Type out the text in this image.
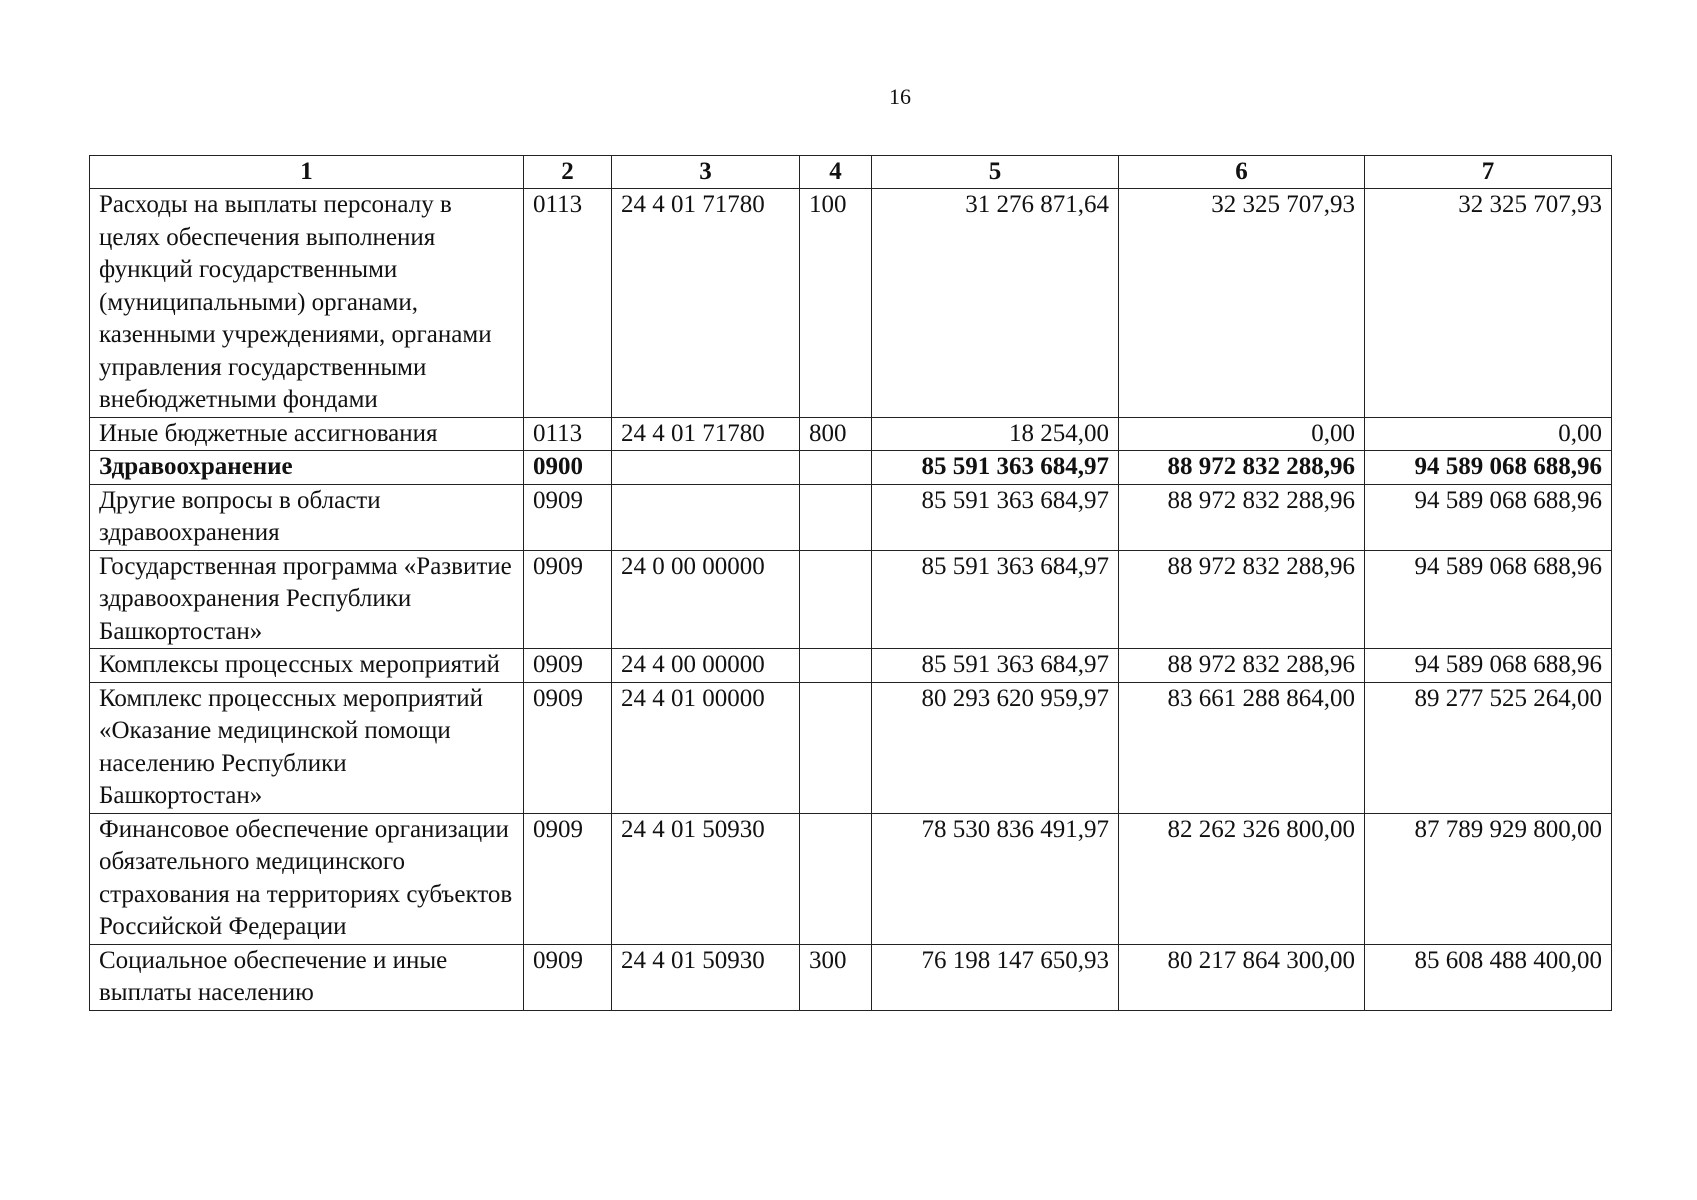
16
1	2	3	4	5	6	7
Расходы на выплаты персоналу в целях обеспечения выполнения функций государственными (муниципальными) органами, казенными учреждениями, органами управления государственными внебюджетными фондами	0113	24 4 01 71780	100	31 276 871,64	32 325 707,93	32 325 707,93
Иные бюджетные ассигнования	0113	24 4 01 71780	800	18 254,00	0,00	0,00
Здравоохранение	0900			85 591 363 684,97	88 972 832 288,96	94 589 068 688,96
Другие вопросы в области здравоохранения	0909			85 591 363 684,97	88 972 832 288,96	94 589 068 688,96
Государственная программа «Развитие здравоохранения Республики Башкортостан»	0909	24 0 00 00000		85 591 363 684,97	88 972 832 288,96	94 589 068 688,96
Комплексы процессных мероприятий	0909	24 4 00 00000		85 591 363 684,97	88 972 832 288,96	94 589 068 688,96
Комплекс процессных мероприятий «Оказание медицинской помощи населению Республики Башкортостан»	0909	24 4 01 00000		80 293 620 959,97	83 661 288 864,00	89 277 525 264,00
Финансовое обеспечение организации обязательного медицинского страхования на территориях субъектов Российской Федерации	0909	24 4 01 50930		78 530 836 491,97	82 262 326 800,00	87 789 929 800,00
Социальное обеспечение и иные выплаты населению	0909	24 4 01 50930	300	76 198 147 650,93	80 217 864 300,00	85 608 488 400,00
